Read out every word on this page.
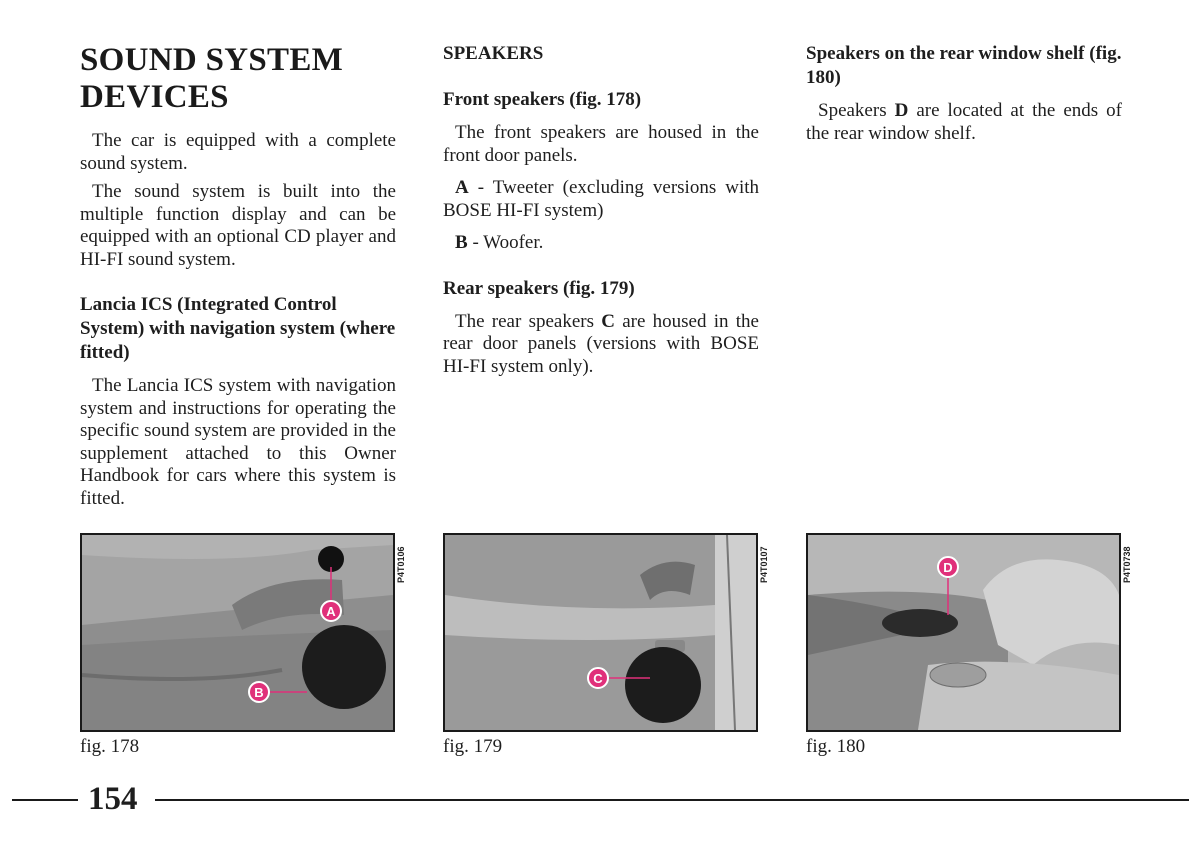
SOUND SYSTEM DEVICES

The car is equipped with a complete sound system.

The sound system is built into the multiple function display and can be equipped with an optional CD player and HI-FI sound system.

Lancia ICS (Integrated Control System) with navigation system (where fitted)

The Lancia ICS system with navigation system and instructions for operating the specific sound system are provided in the supplement attached to this Owner Handbook for cars where this system is fitted.

SPEAKERS

Front speakers (fig. 178)

The front speakers are housed in the front door panels.

A - Tweeter (excluding versions with BOSE HI-FI system)

B - Woofer.

Rear speakers (fig. 179)

The rear speakers C are housed in the rear door panels (versions with BOSE HI-FI system only).

Speakers on the rear window shelf (fig. 180)

Speakers D are located at the ends of the rear window shelf.

A
B
P4T0106
fig. 178
C
P4T0107
fig. 179
D	P4T0738
fig. 180
154
